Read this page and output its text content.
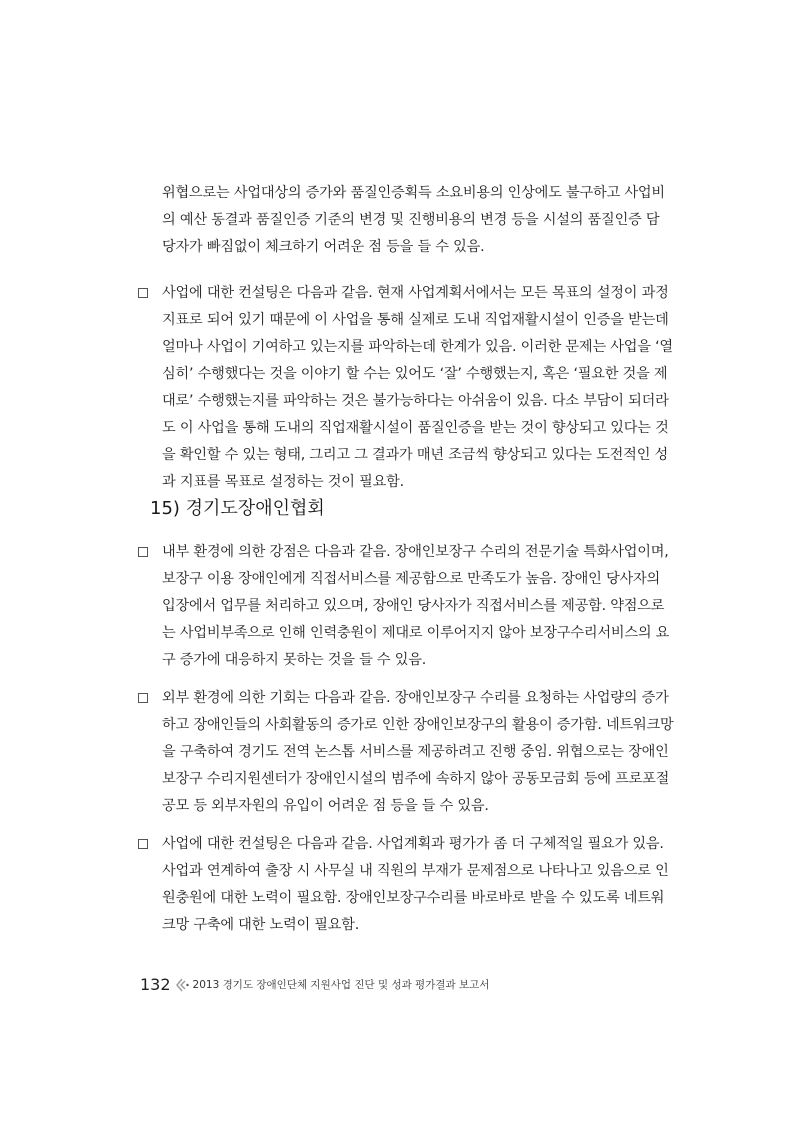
위협으로는 사업대상의 증가와 품질인증획득 소요비용의 인상에도 불구하고 사업비
의 예산 동결과 품질인증 기준의 변경 및 진행비용의 변경 등을 시설의 품질인증 담
당자가 빠짐없이 체크하기 어려운 점 등을 들 수 있음.
사업에 대한 컨설팅은 다음과 같음. 현재 사업계획서에서는 모든 목표의 설정이 과정
지표로 되어 있기 때문에 이 사업을 통해 실제로 도내 직업재활시설이 인증을 받는데
얼마나 사업이 기여하고 있는지를 파악하는데 한계가 있음. 이러한 문제는 사업을 ‘열
심히’ 수행했다는 것을 이야기 할 수는 있어도 ‘잘’ 수행했는지, 혹은 ‘필요한 것을 제
대로’ 수행했는지를 파악하는 것은 불가능하다는 아쉬움이 있음. 다소 부담이 되더라
도 이 사업을 통해 도내의 직업재활시설이 품질인증을 받는 것이 향상되고 있다는 것
을 확인할 수 있는 형태, 그리고 그 결과가 매년 조금씩 향상되고 있다는 도전적인 성
과 지표를 목표로 설정하는 것이 필요함.
15) 경기도장애인협회
내부 환경에 의한 강점은 다음과 같음. 장애인보장구 수리의 전문기술 특화사업이며,
보장구 이용 장애인에게 직접서비스를 제공함으로 만족도가 높음. 장애인 당사자의
입장에서 업무를 처리하고 있으며, 장애인 당사자가 직접서비스를 제공함. 약점으로
는 사업비부족으로 인해 인력충원이 제대로 이루어지지 않아 보장구수리서비스의 요
구 증가에 대응하지 못하는 것을 들 수 있음.
외부 환경에 의한 기회는 다음과 같음. 장애인보장구 수리를 요청하는 사업량의 증가
하고 장애인들의 사회활동의 증가로 인한 장애인보장구의 활용이 증가함. 네트워크망
을 구축하여 경기도 전역 논스톱 서비스를 제공하려고 진행 중임. 위협으로는 장애인
보장구 수리지원센터가 장애인시설의 범주에 속하지 않아 공동모금회 등에 프로포절
공모 등 외부자원의 유입이 어려운 점 등을 들 수 있음.
사업에 대한 컨설팅은 다음과 같음. 사업계획과 평가가 좀 더 구체적일 필요가 있음.
사업과 연계하여 출장 시 사무실 내 직원의 부재가 문제점으로 나타나고 있음으로 인
원충원에 대한 노력이 필요함. 장애인보장구수리를 바로바로 받을 수 있도록 네트워
크망 구축에 대한 노력이 필요함.
132 2013 경기도 장애인단체 지원사업 진단 및 성과 평가결과 보고서
